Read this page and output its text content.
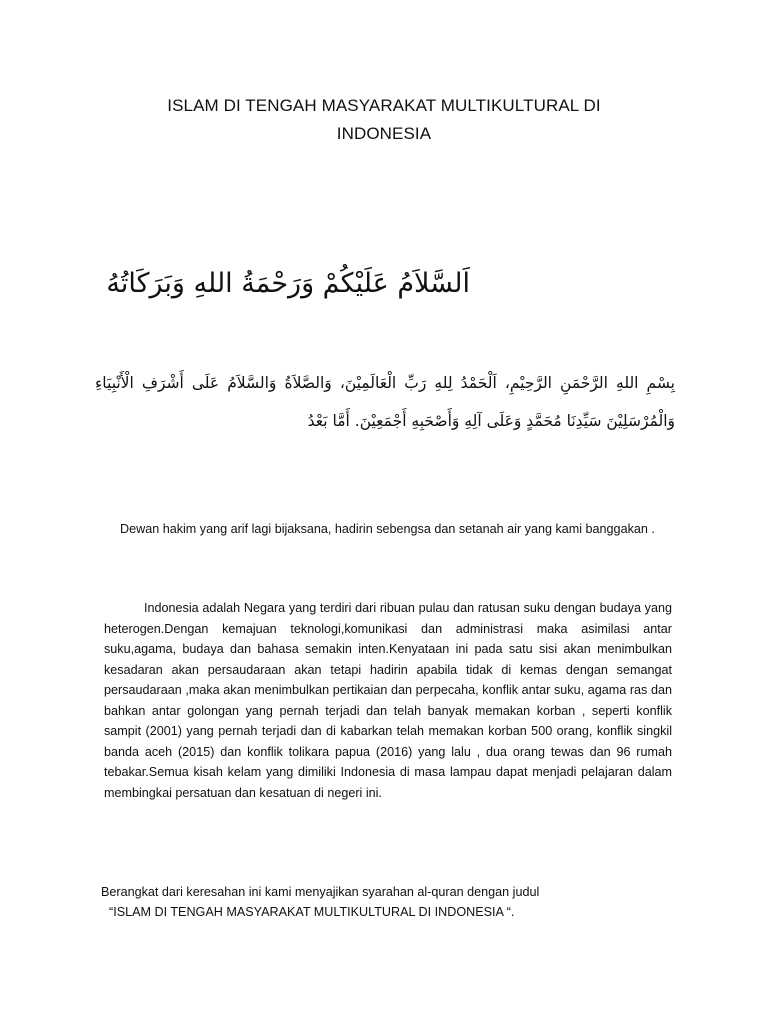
ISLAM DI TENGAH MASYARAKAT MULTIKULTURAL DI
INDONESIA
اَلسَّلاَمُ عَلَيْكُمْ وَرَحْمَةُ اللهِ وَبَرَكَاتُهُ
بِسْمِ اللهِ الرَّحْمَنِ الرَّحِيْمِ، اَلْحَمْدُ لِلهِ رَبِّ الْعَالَمِيْنَ، وَالصَّلاَةُ وَالسَّلاَمُ عَلَى أَشْرَفِ الْأَنْبِيَاءِ وَالْمُرْسَلِيْنَ سَيِّدِنَا مُحَمَّدٍ وَعَلَى آلِهِ وَأَصْحَبِهِ أَجْمَعِيْنَ. أَمَّا بَعْدُ

Dewan hakim yang arif lagi bijaksana, hadirin sebengsa dan setanah air yang kami banggakan .

Indonesia adalah Negara yang terdiri dari ribuan pulau dan ratusan suku dengan budaya yang heterogen.Dengan kemajuan teknologi,komunikasi dan administrasi maka asimilasi antar suku,agama, budaya dan bahasa semakin inten.Kenyataan ini pada satu sisi akan menimbulkan kesadaran akan persaudaraan akan tetapi hadirin apabila tidak di kemas dengan semangat persaudaraan ,maka akan menimbulkan pertikaian dan perpecaha, konflik antar suku, agama ras dan bahkan antar golongan yang pernah terjadi dan telah banyak memakan korban , seperti konflik sampit (2001) yang pernah terjadi dan di kabarkan telah memakan korban 500 orang, konflik singkil banda aceh (2015) dan konflik tolikara papua (2016) yang lalu , dua orang tewas dan 96 rumah tebakar.Semua kisah kelam yang dimiliki Indonesia di masa lampau dapat menjadi pelajaran dalam membingkai persatuan dan kesatuan di negeri ini.

Berangkat dari keresahan ini kami menyajikan syarahan al-quran dengan judul
“ISLAM DI TENGAH MASYARAKAT MULTIKULTURAL DI INDONESIA “.
